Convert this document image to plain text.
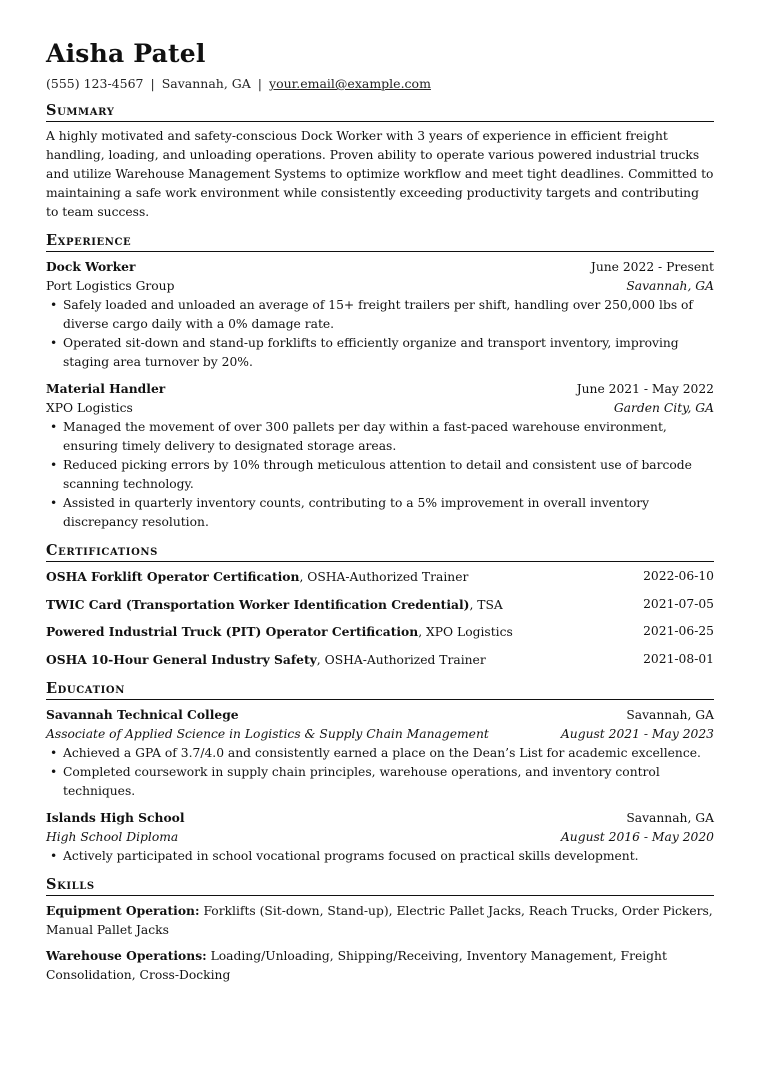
Aisha Patel
(555) 123-4567 | Savannah, GA | your.email@example.com
Summary
A highly motivated and safety-conscious Dock Worker with 3 years of experience in efficient freight handling, loading, and unloading operations. Proven ability to operate various powered industrial trucks and utilize Warehouse Management Systems to optimize workflow and meet tight deadlines. Committed to maintaining a safe work environment while consistently exceeding productivity targets and contributing to team success.
Experience
Dock Worker	June 2022 - Present
Port Logistics Group	Savannah, GA
• Safely loaded and unloaded an average of 15+ freight trailers per shift, handling over 250,000 lbs of diverse cargo daily with a 0% damage rate.
• Operated sit-down and stand-up forklifts to efficiently organize and transport inventory, improving staging area turnover by 20%.
Material Handler	June 2021 - May 2022
XPO Logistics	Garden City, GA
• Managed the movement of over 300 pallets per day within a fast-paced warehouse environment, ensuring timely delivery to designated storage areas.
• Reduced picking errors by 10% through meticulous attention to detail and consistent use of barcode scanning technology.
• Assisted in quarterly inventory counts, contributing to a 5% improvement in overall inventory discrepancy resolution.
Certifications
OSHA Forklift Operator Certification, OSHA-Authorized Trainer	2022-06-10
TWIC Card (Transportation Worker Identification Credential), TSA	2021-07-05
Powered Industrial Truck (PIT) Operator Certification, XPO Logistics	2021-06-25
OSHA 10-Hour General Industry Safety, OSHA-Authorized Trainer	2021-08-01
Education
Savannah Technical College	Savannah, GA
Associate of Applied Science in Logistics & Supply Chain Management	August 2021 - May 2023
• Achieved a GPA of 3.7/4.0 and consistently earned a place on the Dean’s List for academic excellence.
• Completed coursework in supply chain principles, warehouse operations, and inventory control techniques.
Islands High School	Savannah, GA
High School Diploma	August 2016 - May 2020
• Actively participated in school vocational programs focused on practical skills development.
Skills
Equipment Operation: Forklifts (Sit-down, Stand-up), Electric Pallet Jacks, Reach Trucks, Order Pickers, Manual Pallet Jacks
Warehouse Operations: Loading/Unloading, Shipping/Receiving, Inventory Management, Freight Consolidation, Cross-Docking
